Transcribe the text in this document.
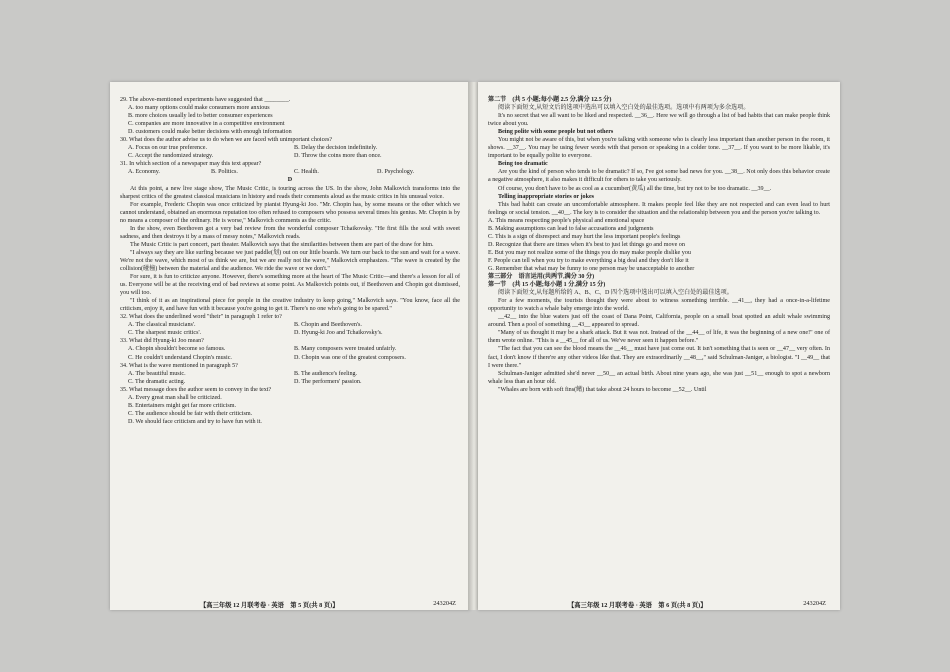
29. The above-mentioned experiments have suggested that ________.

A. too many options could make consumers more anxious

B. more choices usually led to better consumer experiences

C. companies are more innovative in a competitive environment

D. customers could make better decisions with enough information

30. What does the author advise us to do when we are faced with unimportant choices?

A. Focus on our true preference.	B. Delay the decision indefinitely.
C. Accept the randomized strategy.	D. Throw the coins more than once.

31. In which section of a newspaper may this text appear?

A. Economy.	B. Politics.	C. Health.	D. Psychology.

D

At this point, a new live stage show, The Music Critic, is touring across the US. In the show, John Malkovich transforms into the sharpest critics of the greatest classical musicians in history and reads their comments aloud as the music critics in his unusual voice.

For example, Frederic Chopin was once criticized by pianist Hyung-ki Joo. "Mr. Chopin has, by some means or the other which we cannot understand, obtained an enormous reputation too often refused to composers who possess several times his genius. Mr. Chopin is by no means a composer of the ordinary. He is worse," Malkovich comments as the critic.

In the show, even Beethoven got a very bad review from the wonderful composer Tchaikovsky. "He first fills the soul with sweet sadness, and then destroys it by a mass of messy notes," Malkovich reads.

The Music Critic is part concert, part theater. Malkovich says that the similarities between them are part of the draw for him.

"I always say they are like surfing because we just paddle(划) out on our little boards. We turn our back to the sun and wait for a wave. We're not the wave, which most of us think we are, but we are really not the wave," Malkovich emphasizes. "The wave is created by the collision(碰撞) between the material and the audience. We ride the wave or we don't."

For sure, it is fun to criticize anyone. However, there's something more at the heart of The Music Critic—and there's a lesson for all of us. Everyone will be at the receiving end of bad reviews at some point. As Malkovich points out, if Beethoven and Chopin got dismissed, you will too.

"I think of it as an inspirational piece for people in the creative industry to keep going," Malkovich says. "You know, face all the criticism, enjoy it, and have fun with it because you're going to get it. There's no one who's going to be spared."

32. What does the underlined word "their" in paragraph 1 refer to?

A. The classical musicians'.	B. Chopin and Beethoven's.
C. The sharpest music critics'.	D. Hyung-ki Joo and Tchaikovsky's.

33. What did Hyung-ki Joo mean?

A. Chopin shouldn't become so famous.	B. Many composers were treated unfairly.
C. He couldn't understand Chopin's music.	D. Chopin was one of the greatest composers.

34. What is the wave mentioned in paragraph 5?

A. The beautiful music.	B. The audience's feeling.
C. The dramatic acting.	D. The performers' passion.

35. What message does the author seem to convey in the text?

A. Every great man shall be criticized.

B. Entertainers might get far more criticism.

C. The audience should be fair with their criticism.

D. We should face criticism and try to have fun with it.

【高三年级 12 月联考卷 · 英语　第 5 页(共 8 页)】	243204Z

第二节　(共 5 小题;每小题 2.5 分,满分 12.5 分)

阅读下面短文,从短文后的选项中选出可以填入空白处的最佳选项。选项中有两项为多余选项。

It's no secret that we all want to be liked and respected. __36__. Here we will go through a list of bad habits that can make people think twice about you.

Being polite with some people but not others

You might not be aware of this, but when you're talking with someone who is clearly less important than another person in the room, it shows. __37__. You may be using fewer words with that person or speaking in a colder tone. __37__. If you want to be more likable, it's important to be equally polite to everyone.

Being too dramatic

Are you the kind of person who tends to be dramatic? If so, I've got some bad news for you. __38__. Not only does this behavior create a negative atmosphere, it also makes it difficult for others to take you seriously.

Of course, you don't have to be as cool as a cucumber(黄瓜) all the time, but try not to be too dramatic. __39__.

Telling inappropriate stories or jokes

This bad habit can create an uncomfortable atmosphere. It makes people feel like they are not respected and can even lead to hurt feelings or social tension. __40__. The key is to consider the situation and the relationship between you and the person you're talking to.

A. This means respecting people's physical and emotional space

B. Making assumptions can lead to false accusations and judgments

C. This is a sign of disrespect and may hurt the less important people's feelings

D. Recognize that there are times when it's best to just let things go and move on

E. But you may not realize some of the things you do may make people dislike you

F. People can tell when you try to make everything a big deal and they don't like it

G. Remember that what may be funny to one person may be unacceptable to another

第三部分　语言运用(共两节,满分 30 分)

第一节　(共 15 小题;每小题 1 分,满分 15 分)

阅读下面短文,从每题所给的 A、B、C、D 四个选项中选出可以填入空白处的最佳选项。

For a few moments, the tourists thought they were about to witness something terrible. __41__, they had a once-in-a-lifetime opportunity to watch a whale baby emerge into the world.

__42__ into the blue waters just off the coast of Dana Point, California, people on a small boat spotted an adult whale swimming around. Then a pool of something __43__ appeared to spread.

"Many of us thought it may be a shark attack. But it was not. Instead of the __44__ of life, it was the beginning of a new one!" one of them wrote online. "This is a __45__ for all of us. We've never seen it happen before."

"The fact that you can see the blood means the __46__ must have just come out. It isn't something that is seen or __47__ very often. In fact, I don't know if there're any other videos like that. They are extraordinarily __48__," said Schulman-Janiger, a biologist. "I __49__ that I were there."

Schulman-Janiger admitted she'd never __50__ an actual birth. About nine years ago, she was just __51__ enough to spot a newborn whale less than an hour old.

"Whales are born with soft fins(鳍) that take about 24 hours to become __52__. Until

【高三年级 12 月联考卷 · 英语　第 6 页(共 8 页)】	243204Z
